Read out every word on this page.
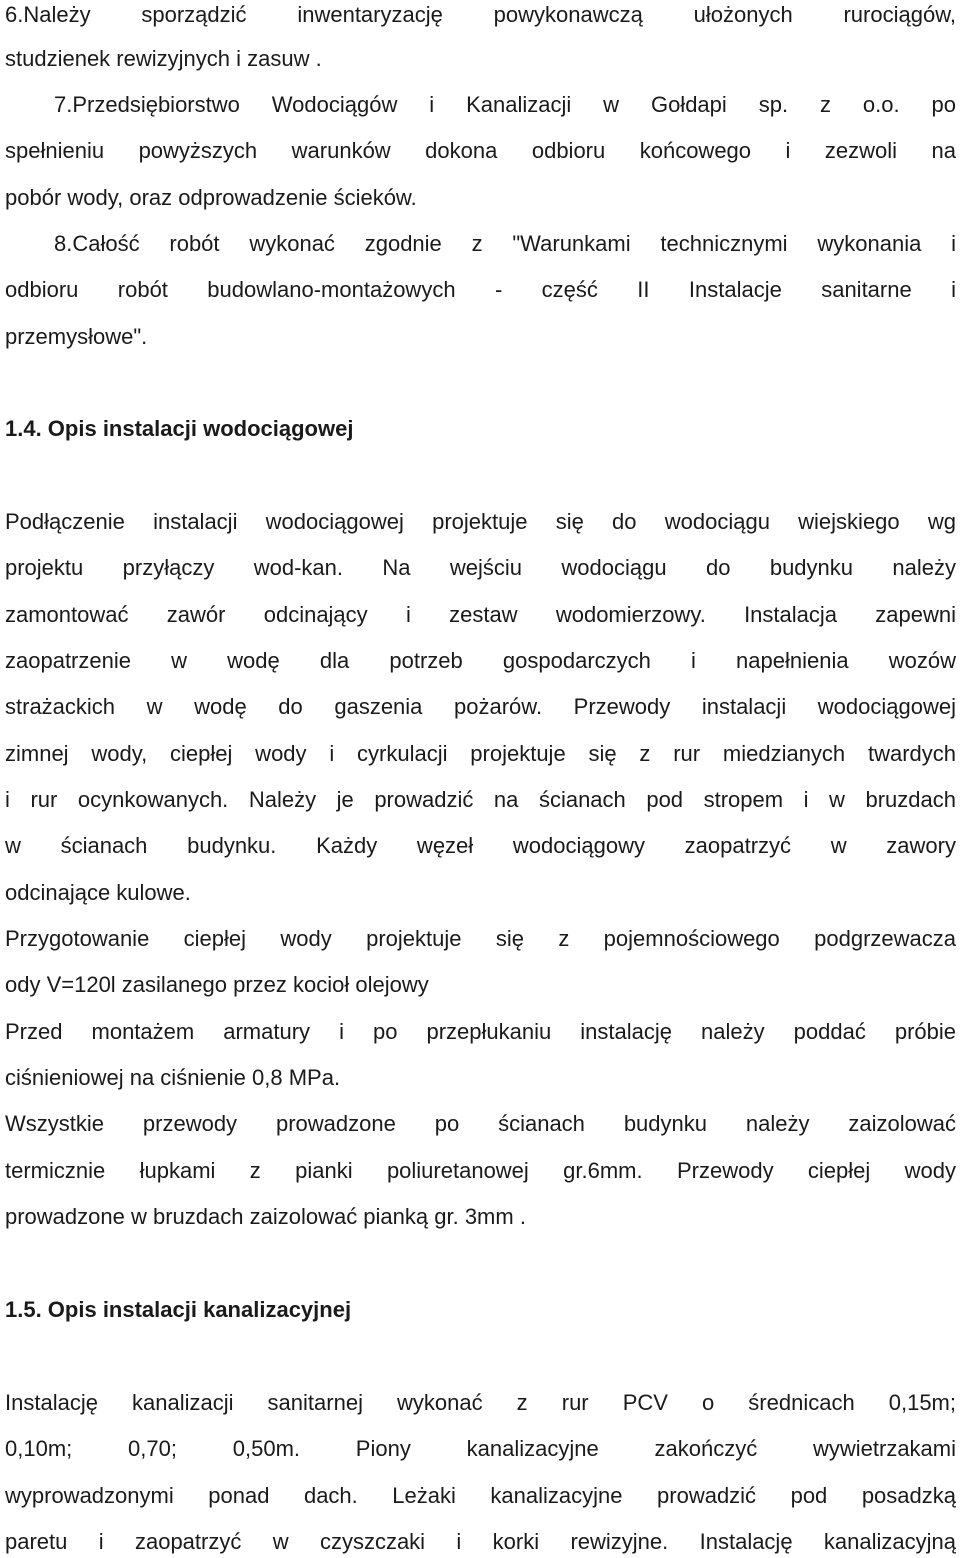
6.Należy sporządzić inwentaryzację powykonawczą ułożonych rurociągów,
studzienek rewizyjnych i zasuw .
7.Przedsiębiorstwo Wodociągów i Kanalizacji w Gołdapi sp. z o.o. po
spełnieniu powyższych warunków dokona odbioru końcowego i zezwoli na
pobór wody, oraz odprowadzenie ścieków.
8.Całość robót wykonać zgodnie z "Warunkami technicznymi wykonania i
odbioru robót budowlano-montażowych - część II Instalacje sanitarne i
przemysłowe".
1.4. Opis instalacji wodociągowej
Podłączenie instalacji wodociągowej projektuje się do wodociągu wiejskiego wg
projektu przyłączy wod-kan. Na wejściu wodociągu do budynku należy
zamontować zawór odcinający i zestaw wodomierzowy. Instalacja zapewni
zaopatrzenie w wodę dla potrzeb gospodarczych i napełnienia wozów
strażackich w wodę do gaszenia pożarów. Przewody instalacji wodociągowej
zimnej wody, ciepłej wody i cyrkulacji projektuje się z rur miedzianych twardych
i rur ocynkowanych. Należy je prowadzić na ścianach pod stropem i w bruzdach
w ścianach budynku. Każdy węzeł wodociągowy zaopatrzyć w zawory
odcinające kulowe.
Przygotowanie ciepłej wody projektuje się z pojemnościowego podgrzewacza
ody V=120l zasilanego przez kocioł olejowy
Przed montażem armatury i po przepłukaniu instalację należy poddać próbie
ciśnieniowej na ciśnienie 0,8 MPa.
Wszystkie przewody prowadzone po ścianach budynku należy zaizolować
termicznie łupkami z pianki poliuretanowej gr.6mm. Przewody ciepłej wody
prowadzone w bruzdach zaizolować pianką gr. 3mm .
1.5. Opis instalacji kanalizacyjnej
Instalację kanalizacji sanitarnej wykonać z rur PCV o średnicach 0,15m;
0,10m; 0,70; 0,50m. Piony kanalizacyjne zakończyć wywietrzakami
wyprowadzonymi ponad dach. Leżaki kanalizacyjne prowadzić pod posadzką
paretu i zaopatrzyć w czyszczaki i korki rewizyjne. Instalację kanalizacyjną
